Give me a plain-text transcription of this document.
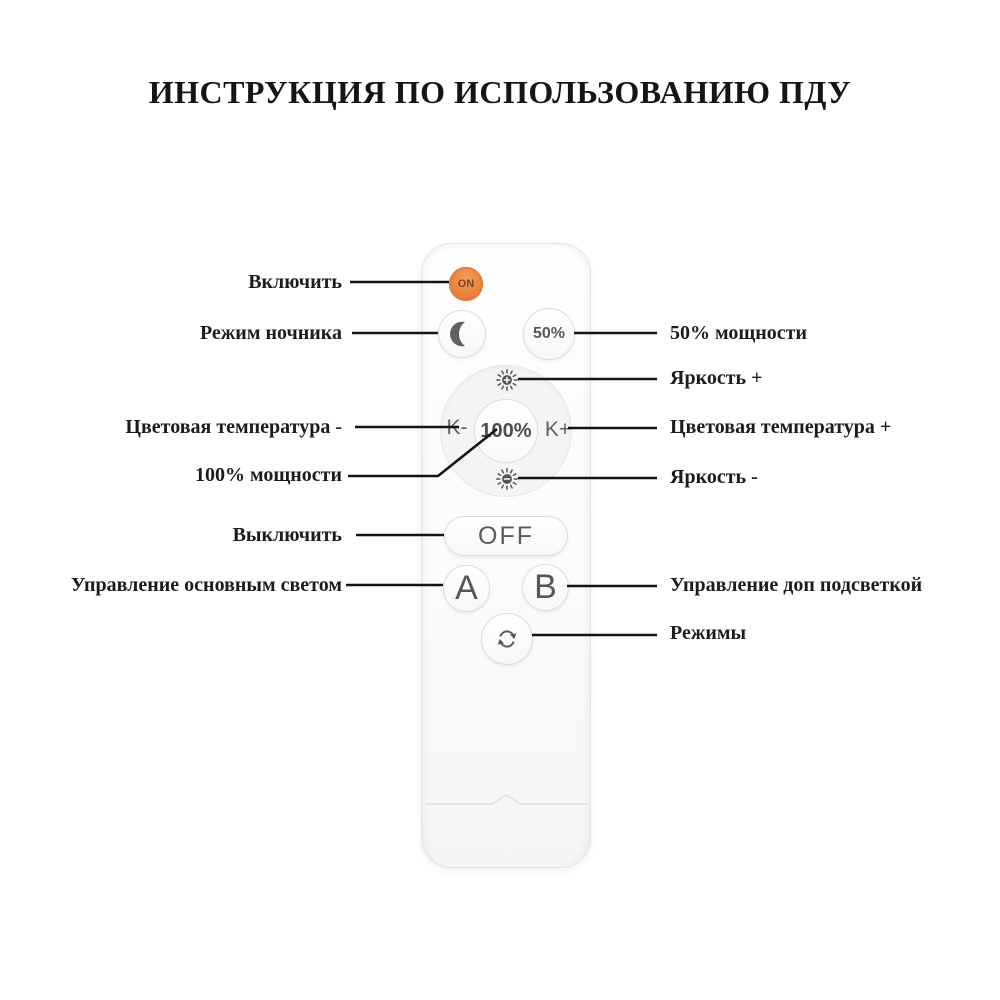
ИНСТРУКЦИЯ ПО ИСПОЛЬЗОВАНИЮ ПДУ
Включить
Режим ночника
Цветовая температура -
100% мощности
Выключить
Управление основным светом
50% мощности
Яркость +
Цветовая температура +
Яркость -
Управление доп подсветкой
Режимы
ON
50%
100%
K-	K+
OFF
A B
